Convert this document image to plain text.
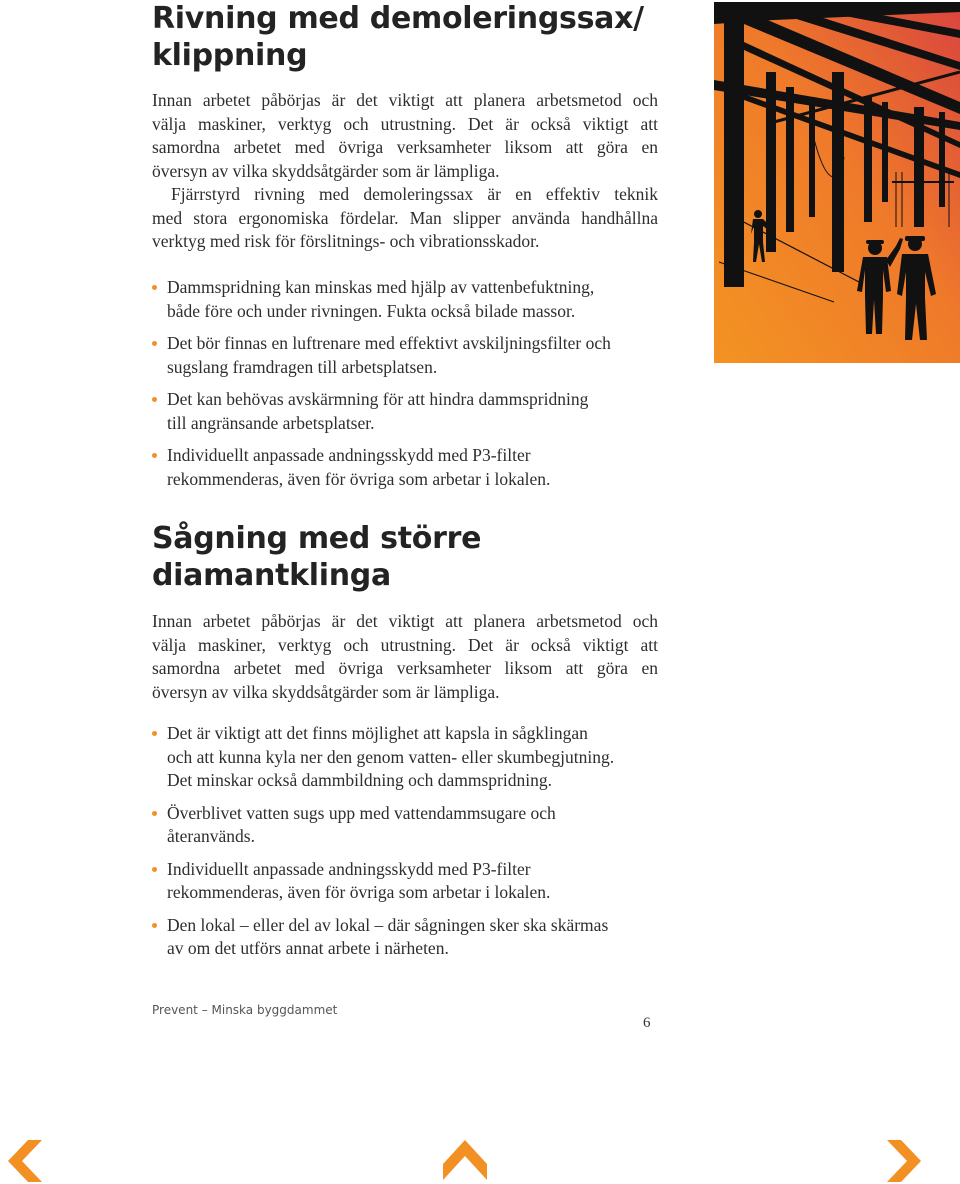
Rivning med demoleringssax/
klippning
Innan arbetet påbörjas är det viktigt att planera arbetsmetod och
välja maskiner, verktyg och utrustning. Det är också viktigt att
samordna arbetet med övriga verksamheter liksom att göra en
översyn av vilka skyddsåtgärder som är lämpliga.
Fjärrstyrd rivning med demoleringssax är en effektiv teknik
med stora ergonomiska fördelar. Man slipper använda handhållna
verktyg med risk för förslitnings- och vibrationsskador.
Dammspridning kan minskas med hjälp av vattenbefuktning,
både före och under rivningen. Fukta också bilade massor.
Det bör finnas en luftrenare med effektivt avskiljningsfilter och
sugslang framdragen till arbetsplatsen.
Det kan behövas avskärmning för att hindra dammspridning
till angränsande arbetsplatser.
Individuellt anpassade andningsskydd med P3-filter
rekommenderas, även för övriga som arbetar i lokalen.
Sågning med större
diamantklinga
Innan arbetet påbörjas är det viktigt att planera arbetsmetod och
välja maskiner, verktyg och utrustning. Det är också viktigt att
samordna arbetet med övriga verksamheter liksom att göra en
översyn av vilka skyddsåtgärder som är lämpliga.
Det är viktigt att det finns möjlighet att kapsla in sågklingan
och att kunna kyla ner den genom vatten- eller skumbegjutning.
Det minskar också dammbildning och dammspridning.
Överblivet vatten sugs upp med vattendammsugare och
återanvänds.
Individuellt anpassade andningsskydd med P3-filter
rekommenderas, även för övriga som arbetar i lokalen.
Den lokal – eller del av lokal – där sågningen sker ska skärmas
av om det utförs annat arbete i närheten.
Prevent – Minska byggdammet
6
